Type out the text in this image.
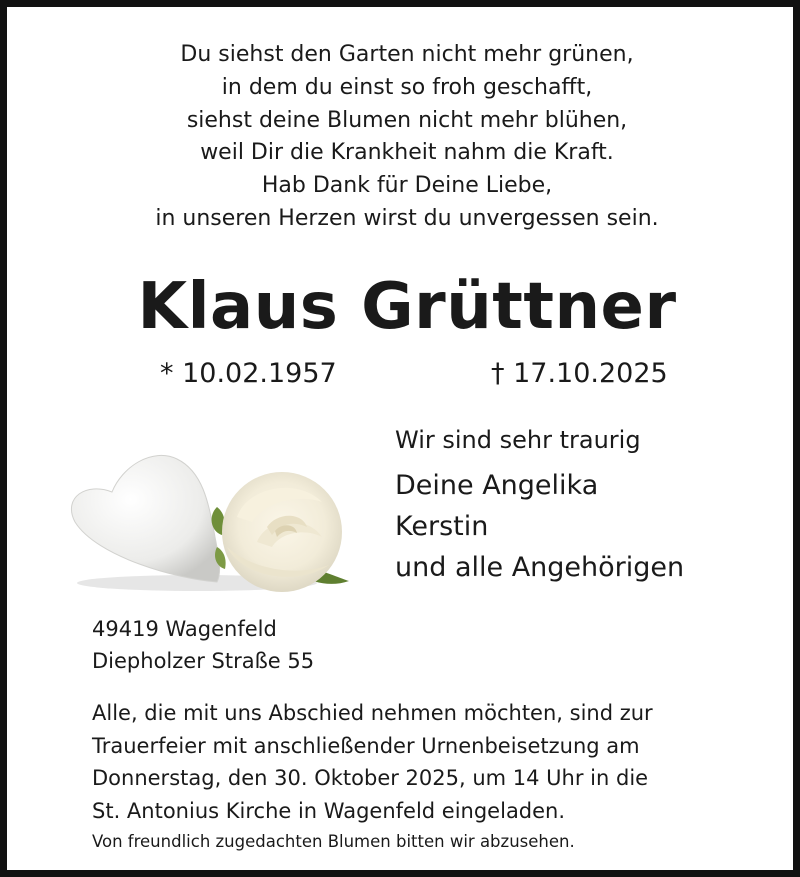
Du siehst den Garten nicht mehr grünen,
in dem du einst so froh geschafft,
siehst deine Blumen nicht mehr blühen,
weil Dir die Krankheit nahm die Kraft.
Hab Dank für Deine Liebe,
in unseren Herzen wirst du unvergessen sein.
Klaus Grüttner
* 10.02.1957	† 17.10.2025
Wir sind sehr traurig
Deine Angelika
Kerstin
und alle Angehörigen
49419 Wagenfeld
Diepholzer Straße 55
Alle, die mit uns Abschied nehmen möchten, sind zur
Trauerfeier mit anschließender Urnenbeisetzung am
Donnerstag, den 30. Oktober 2025, um 14 Uhr in die
St. Antonius Kirche in Wagenfeld eingeladen.
Von freundlich zugedachten Blumen bitten wir abzusehen.
